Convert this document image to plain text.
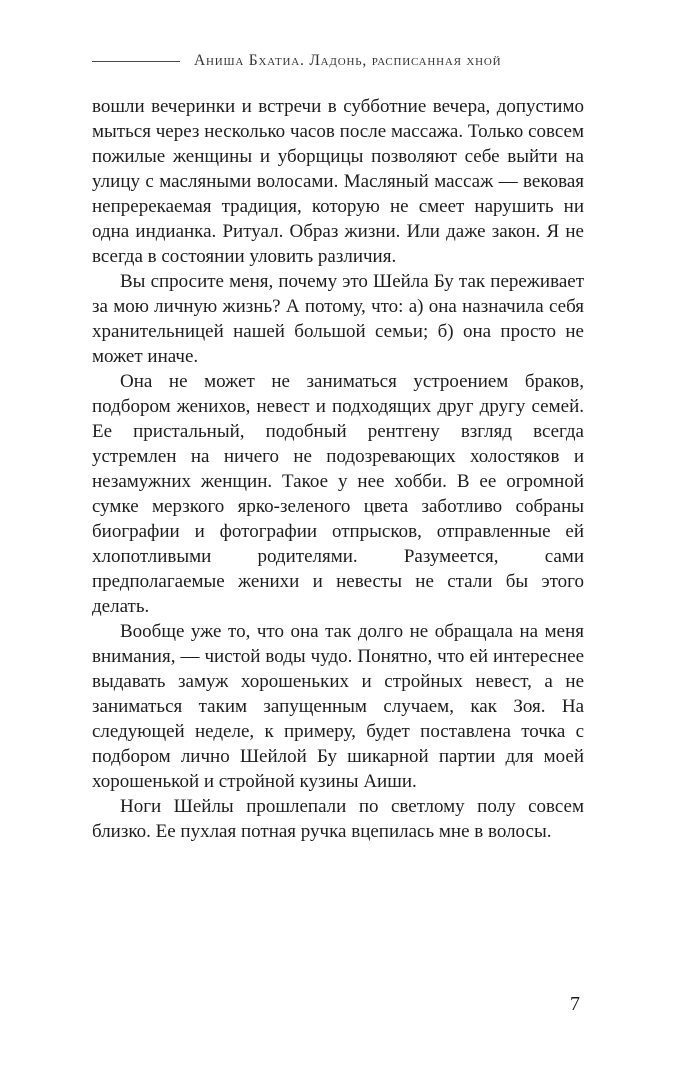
Аниша Бхатиа. Ладонь, расписанная хной

вошли вечеринки и встречи в субботние вечера, допустимо мыться через несколько часов после массажа. Только совсем пожилые женщины и уборщицы позволяют себе выйти на улицу с масляными волосами. Масляный массаж — вековая непререкаемая традиция, которую не смеет нарушить ни одна индианка. Ритуал. Образ жизни. Или даже закон. Я не всегда в состоянии уловить различия.

Вы спросите меня, почему это Шейла Бу так переживает за мою личную жизнь? А потому, что: а) она назначила себя хранительницей нашей большой семьи; б) она просто не может иначе.

Она не может не заниматься устроением браков, подбором женихов, невест и подходящих друг другу семей. Ее пристальный, подобный рентгену взгляд всегда устремлен на ничего не подозревающих холостяков и незамужних женщин. Такое у нее хобби. В ее огромной сумке мерзкого ярко-зеленого цвета заботливо собраны биографии и фотографии отпрысков, отправленные ей хлопотливыми родителями. Разумеется, сами предполагаемые женихи и невесты не стали бы этого делать.

Вообще уже то, что она так долго не обращала на меня внимания, — чистой воды чудо. Понятно, что ей интереснее выдавать замуж хорошеньких и стройных невест, а не заниматься таким запущенным случаем, как Зоя. На следующей неделе, к примеру, будет поставлена точка с подбором лично Шейлой Бу шикарной партии для моей хорошенькой и стройной кузины Аиши.

Ноги Шейлы прошлепали по светлому полу совсем близко. Ее пухлая потная ручка вцепилась мне в волосы.

7
